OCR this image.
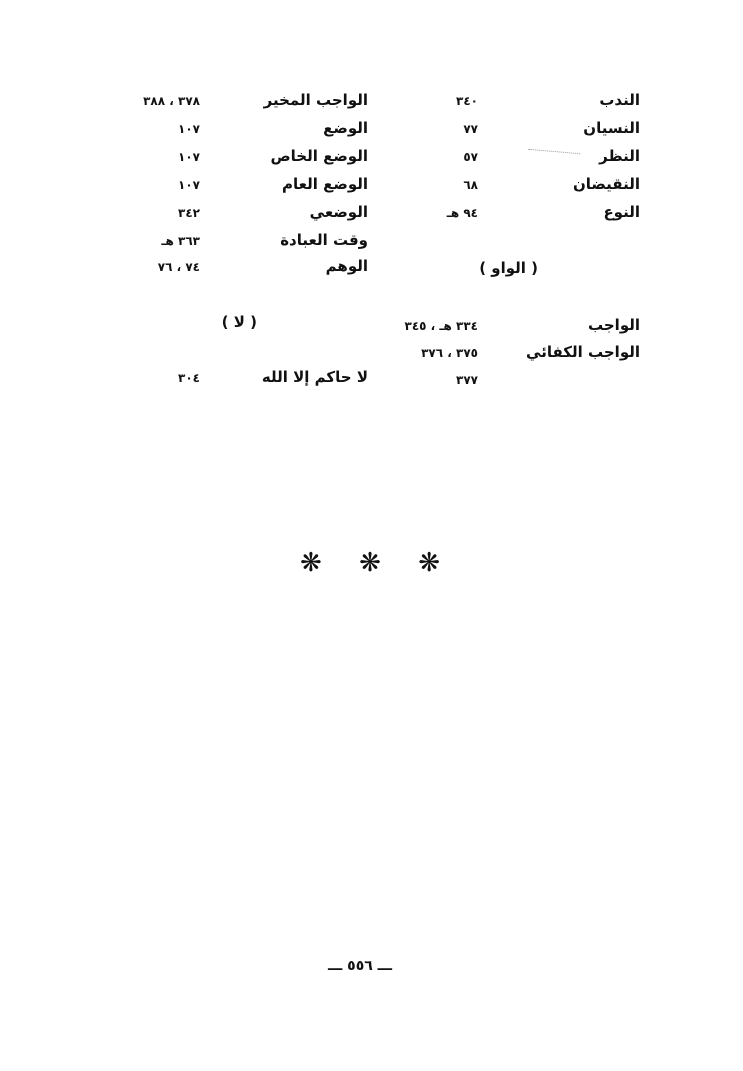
الندب
٣٤٠
النسيان
٧٧
النظر
٥٧
النقيضان
٦٨
النوع
٩٤ هـ
الواجب المخير
٣٧٨ ، ٣٨٨
الوضع
١٠٧
الوضع الخاص
١٠٧
الوضع العام
١٠٧
الوضعي
٣٤٢
وقت العبادة
٣٦٣ هـ
الوهم
٧٤ ، ٧٦	( الواو )
( لا )	الواجب
٣٣٤ هـ ، ٣٤٥
الواجب الكفائي
٣٧٥ ، ٣٧٦
٣٧٧
لا حاكم إلا الله
٣٠٤
❋ ❋ ❋
ـــ ٥٥٦ ـــ
